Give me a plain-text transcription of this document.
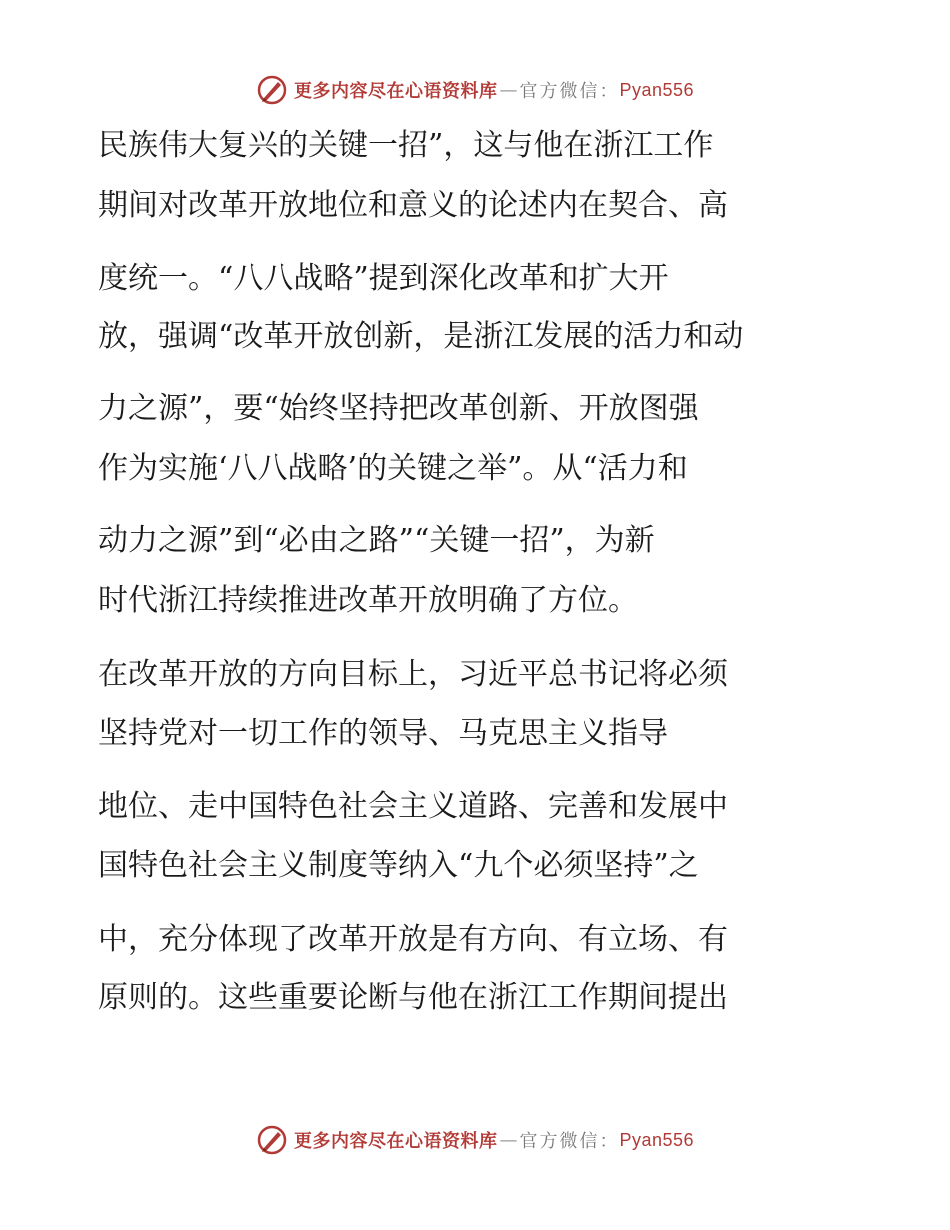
更多内容尽在心语资料库 — 官方微信： Pyan556
民族伟大复兴的关键一招”，这与他在浙江工作
期间对改革开放地位和意义的论述内在契合、高
度统一。“八八战略”提到深化改革和扩大开
放，强调“改革开放创新，是浙江发展的活力和动
力之源”，要“始终坚持把改革创新、开放图强
作为实施‘八八战略’的关键之举”。从“活力和
动力之源”到“必由之路”“关键一招”，为新
时代浙江持续推进改革开放明确了方位。
在改革开放的方向目标上，习近平总书记将必须
坚持党对一切工作的领导、马克思主义指导
地位、走中国特色社会主义道路、完善和发展中
国特色社会主义制度等纳入“九个必须坚持”之
中，充分体现了改革开放是有方向、有立场、有
原则的。这些重要论断与他在浙江工作期间提出
更多内容尽在心语资料库 — 官方微信： Pyan556
